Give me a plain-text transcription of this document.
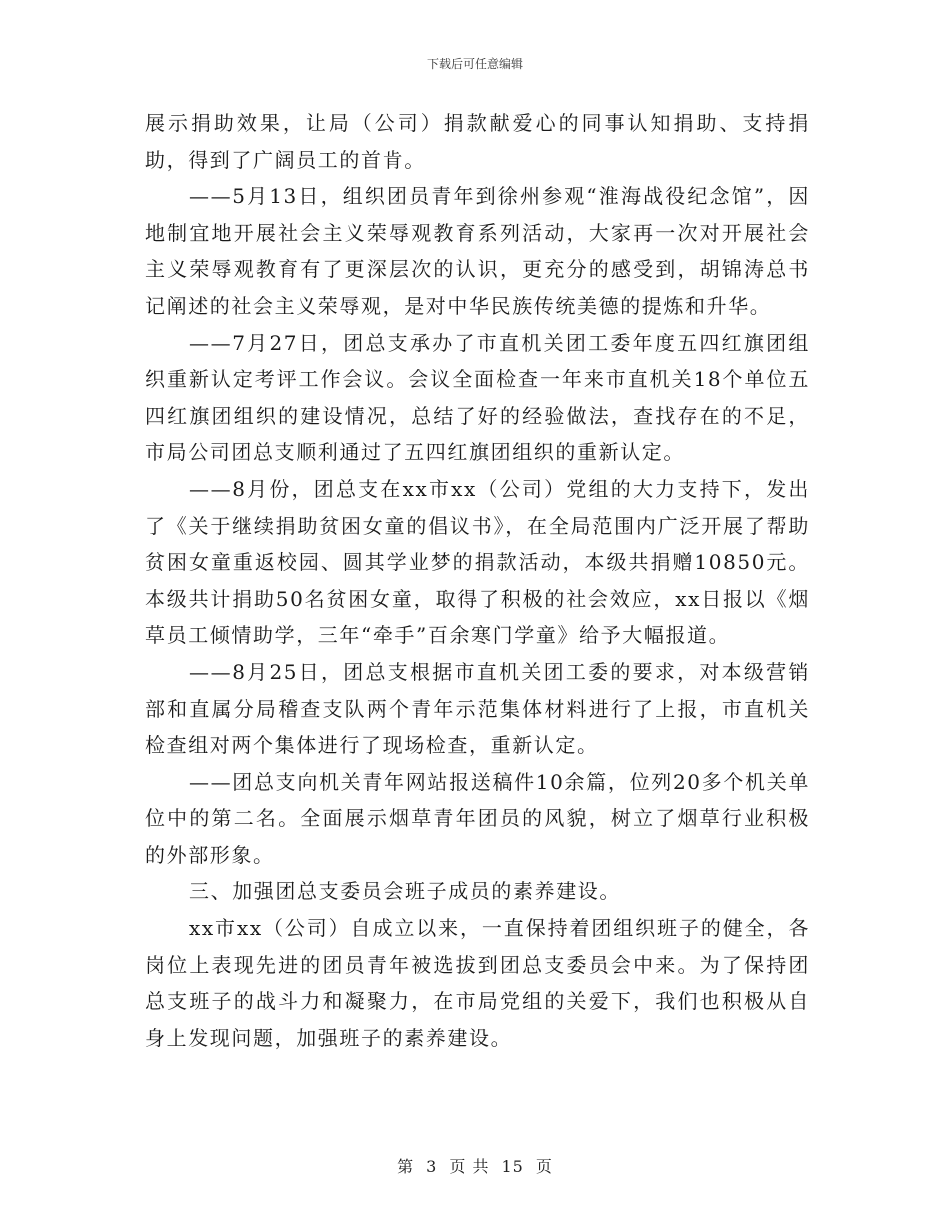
下载后可任意编辑

展示捐助效果，让局（公司）捐款献爱心的同事认知捐助、支持捐助，得到了广阔员工的首肯。

——5月13日，组织团员青年到徐州参观“淮海战役纪念馆”，因地制宜地开展社会主义荣辱观教育系列活动，大家再一次对开展社会主义荣辱观教育有了更深层次的认识，更充分的感受到，胡锦涛总书记阐述的社会主义荣辱观，是对中华民族传统美德的提炼和升华。

——7月27日，团总支承办了市直机关团工委年度五四红旗团组织重新认定考评工作会议。会议全面检查一年来市直机关18个单位五四红旗团组织的建设情况，总结了好的经验做法，查找存在的不足，市局公司团总支顺利通过了五四红旗团组织的重新认定。

——8月份，团总支在xx市xx（公司）党组的大力支持下，发出了《关于继续捐助贫困女童的倡议书》，在全局范围内广泛开展了帮助贫困女童重返校园、圆其学业梦的捐款活动，本级共捐赠10850元。本级共计捐助50名贫困女童，取得了积极的社会效应，xx日报以《烟草员工倾情助学，三年“牵手”百余寒门学童》给予大幅报道。

——8月25日，团总支根据市直机关团工委的要求，对本级营销部和直属分局稽查支队两个青年示范集体材料进行了上报，市直机关检查组对两个集体进行了现场检查，重新认定。

——团总支向机关青年网站报送稿件10余篇，位列20多个机关单位中的第二名。全面展示烟草青年团员的风貌，树立了烟草行业积极的外部形象。

三、加强团总支委员会班子成员的素养建设。

xx市xx（公司）自成立以来，一直保持着团组织班子的健全，各岗位上表现先进的团员青年被选拔到团总支委员会中来。为了保持团总支班子的战斗力和凝聚力，在市局党组的关爱下，我们也积极从自身上发现问题，加强班子的素养建设。

第 3 页 共 15 页
